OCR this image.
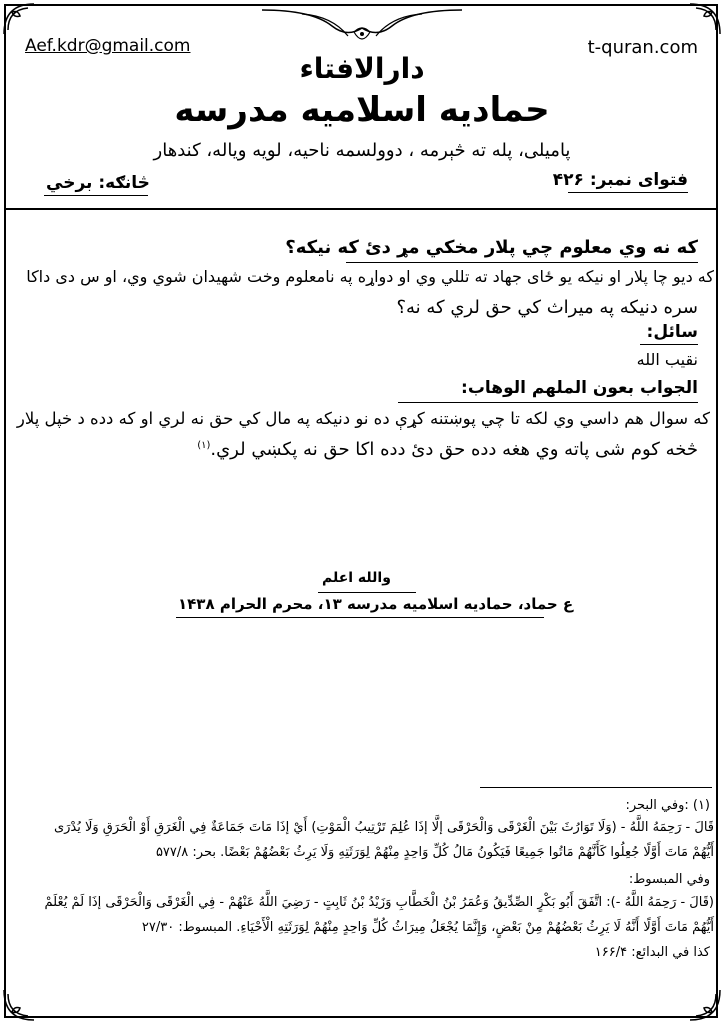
Aef.kdr@gmail.com	t-quran.com
دارالافتاء
حمادیه اسلامیه مدرسه
پامیلی، پله ته څېرمه ، دوولسمه ناحیه، لویه ویاله، کندهار
فتوای نمبر: ۴۲۶
څانګه: برخي
که نه وي معلوم چي پلار مخکي مړ دئ که نیکه؟
که دیو چا پلار او نیکه یو ځای جهاد ته تللي وي او دواړه په نامعلوم وخت شهیدان شوي وي، او س دی داکا
سره دنیکه په میراث کي حق لري که نه؟
سائل:
نقیب الله
الجواب بعون الملهم الوهاب:
که سوال هم داسي وي لکه تا چي پوښتنه کړې ده نو دنیکه په مال کي حق نه لري او که دده د خپل پلار
څخه کوم شی پاته وي هغه دده حق دئ دده اکا حق نه پکښي لري.$^{(۱)}$
والله اعلم
ع حماد، حمادیه اسلامیه مدرسه ۱۳، محرم الحرام ۱۴۳۸
(۱) :وفي البحر:
قَالَ - رَحِمَهُ اللَّهُ - (وَلَا تَوَارُثَ بَيْنَ الْغَرْقَى وَالْحَرْقَى إلَّا إذَا عُلِمَ تَرْتِيبُ الْمَوْتِ) أَيْ إذَا مَاتَ جَمَاعَةٌ فِي الْغَرَقِ أَوْ الْحَرَقِ وَلَا يُدْرَى
أَيُّهُمْ مَاتَ أَوَّلًا جُعِلُوا كَأَنَّهُمْ مَاتُوا جَمِيعًا فَيَكُونُ مَالُ كُلِّ وَاحِدٍ مِنْهُمْ لِوَرَثَتِهِ وَلَا يَرِثُ بَعْضُهُمْ بَعْضًا. بحر: ۵۷۷/۸
وفي المبسوط:
(قَالَ - رَحِمَهُ اللَّهُ -): اتَّفَقَ أَبُو بَكْرٍ الصِّدِّيقُ وَعُمَرُ بْنُ الْخَطَّابِ وَزَيْدُ بْنُ ثَابِتٍ - رَضِيَ اللَّهُ عَنْهُمْ - فِي الْغَرْقَى وَالْحَرْقَى إذَا لَمْ يُعْلَمْ
أَيُّهُمْ مَاتَ أَوَّلًا أَنَّهُ لَا يَرِثُ بَعْضُهُمْ مِنْ بَعْضٍ، وَإِنَّمَا يُجْعَلُ مِيرَاثُ كُلِّ وَاحِدٍ مِنْهُمْ لِوَرَثَتِهِ الْأَحْيَاءِ. المبسوط: ۲۷/۳۰
كذا في البدائع: ۱۶۶/۴
